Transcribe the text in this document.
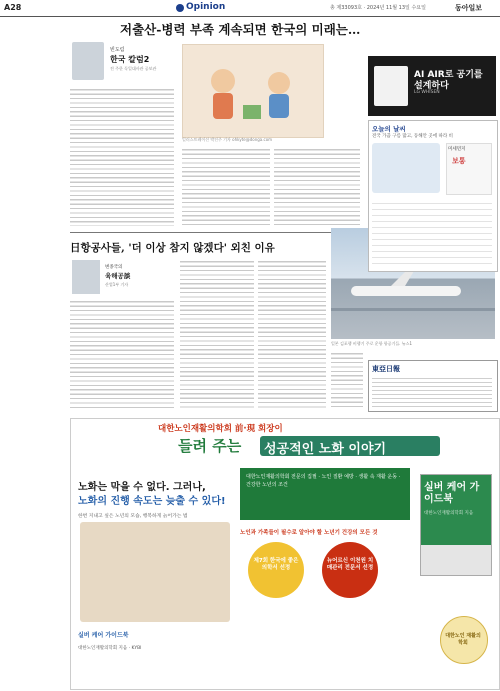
A28	Opinion	총 제33093호 · 2024년 11월 13일 수요일	동아일보
저출산-병력 부족 계속되면 한국의 미래는…
빈도림
한국 칼럼2
전 주한 독일대사관 공보관
일러스트레이션 박진주 기자 ohkyte@donga.com
日항공사들, '더 이상 참지 않겠다' 외친 이유
변종국의
육해공談
산업1부 기자
일본 김포행 비행기 주로 운항 항공기들. 뉴스1
AI AIR로 공기를 설계하다
LG WHISEN
오늘의 날씨
전국 가끔 구름 많고, 동해안 곳에 따라 비
미세먼지
보통
東亞日報
대한노인재활의학회 前·現 회장이
들려 주는 성공적인 노화 이야기
노화는 막을 수 없다. 그러나,
노화의 진행 속도는 늦출 수 있다!
한번 지내고 싶은 노년의 모습, 행복하게 늙어가는 법
대한노인재활의학회 전문의 집필 · 노인 질환 예방 · 생활 속 재활 운동 · 건강한 노년의 조건
노인과 가족들이 필수로 알아야 할 노년기 건강의 모든 것
제7회 한국에 좋은 의학서 선정
뉴어르신 이천원 치매관리 전문서 선정
실버 케어 가이드북
대한노인재활의학회 지음
실버 케어 가이드북
대한노인재활의학회 지음 · KYBI
대한노인 재활의학회
